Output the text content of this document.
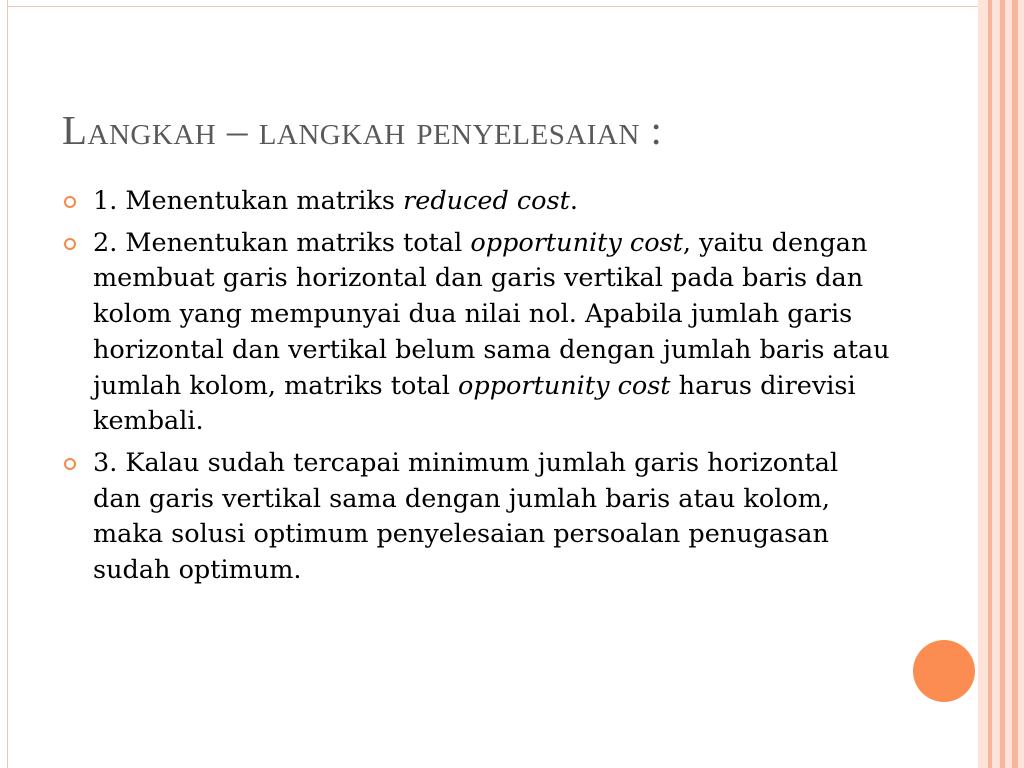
Langkah – langkah penyelesaian :
1. Menentukan matriks reduced cost.
2. Menentukan matriks total opportunity cost, yaitu dengan membuat garis horizontal dan garis vertikal pada baris dan kolom yang mempunyai dua nilai nol. Apabila jumlah garis horizontal dan vertikal belum sama dengan jumlah baris atau jumlah kolom, matriks total opportunity cost harus direvisi kembali.
3. Kalau sudah tercapai minimum jumlah garis horizontal dan garis vertikal sama dengan jumlah baris atau kolom, maka solusi optimum penyelesaian persoalan penugasan sudah optimum.
